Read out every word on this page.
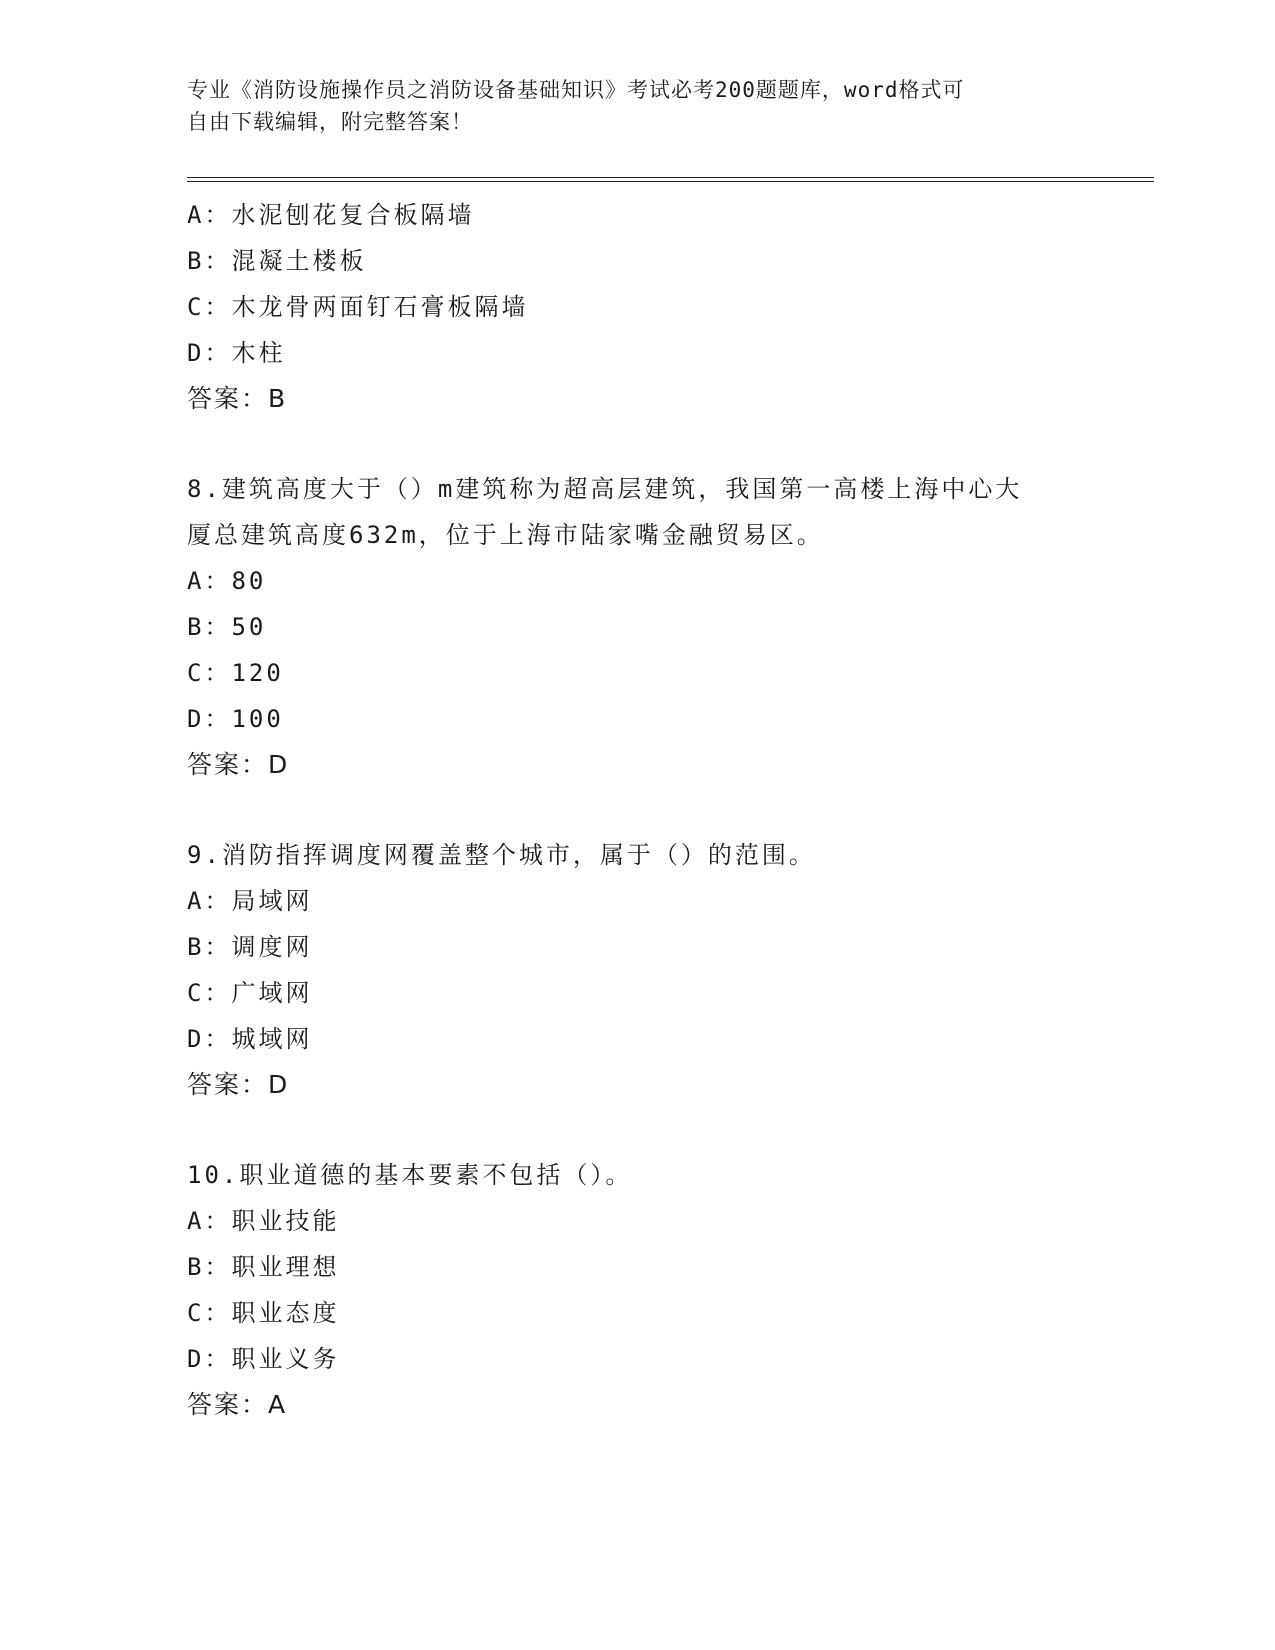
专业《消防设施操作员之消防设备基础知识》考试必考200题题库，word格式可
自由下载编辑，附完整答案！
A：水泥刨花复合板隔墙
B：混凝土楼板
C：木龙骨两面钉石膏板隔墙
D：木柱
答案：B
8.建筑高度大于（）m建筑称为超高层建筑，我国第一高楼上海中心大
厦总建筑高度632m，位于上海市陆家嘴金融贸易区。
A：80
B：50
C：120
D：100
答案：D
9.消防指挥调度网覆盖整个城市，属于（）的范围。
A：局域网
B：调度网
C：广域网
D：城域网
答案：D
10.职业道德的基本要素不包括（）。
A：职业技能
B：职业理想
C：职业态度
D：职业义务
答案：A
